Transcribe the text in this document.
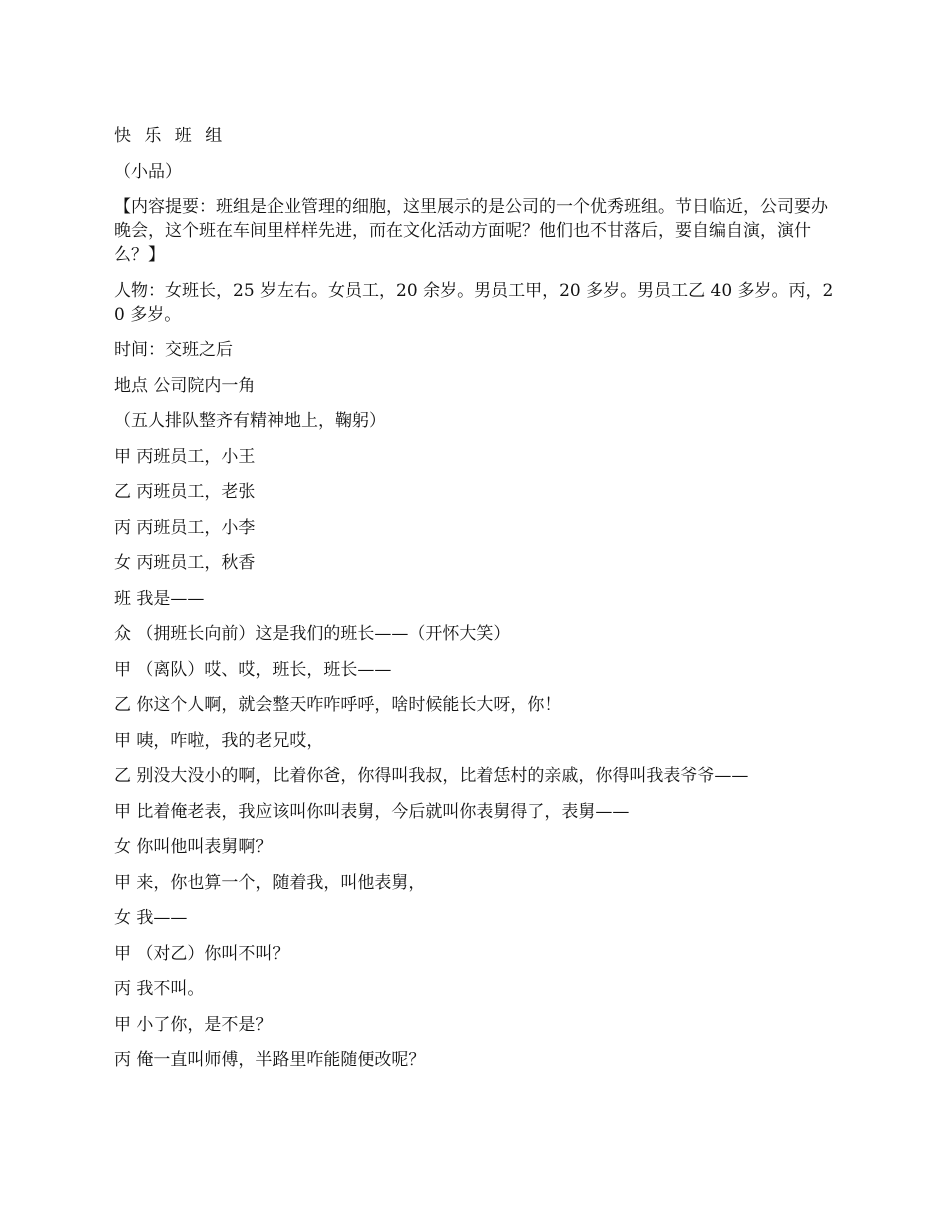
快 乐 班 组
（小品）
【内容提要：班组是企业管理的细胞，这里展示的是公司的一个优秀班组。节日临近，公司要办晚会，这个班在车间里样样先进，而在文化活动方面呢？他们也不甘落后，要自编自演，演什么？】
人物：女班长，25 岁左右。女员工，20 余岁。男员工甲，20 多岁。男员工乙 40 多岁。丙，20 多岁。
时间：交班之后
地点 公司院内一角
（五人排队整齐有精神地上，鞠躬）
甲 丙班员工，小王
乙 丙班员工，老张
丙 丙班员工，小李
女 丙班员工，秋香
班 我是——
众 （拥班长向前）这是我们的班长——（开怀大笑）
甲 （离队）哎、哎，班长，班长——
乙 你这个人啊，就会整天咋咋呼呼，啥时候能长大呀，你！
甲 咦，咋啦，我的老兄哎，
乙 别没大没小的啊，比着你爸，你得叫我叔，比着恁村的亲戚，你得叫我表爷爷——
甲 比着俺老表，我应该叫你叫表舅，今后就叫你表舅得了，表舅——
女 你叫他叫表舅啊？
甲 来，你也算一个，随着我，叫他表舅，
女 我——
甲 （对乙）你叫不叫？
丙 我不叫。
甲 小了你，是不是？
丙 俺一直叫师傅，半路里咋能随便改呢？
